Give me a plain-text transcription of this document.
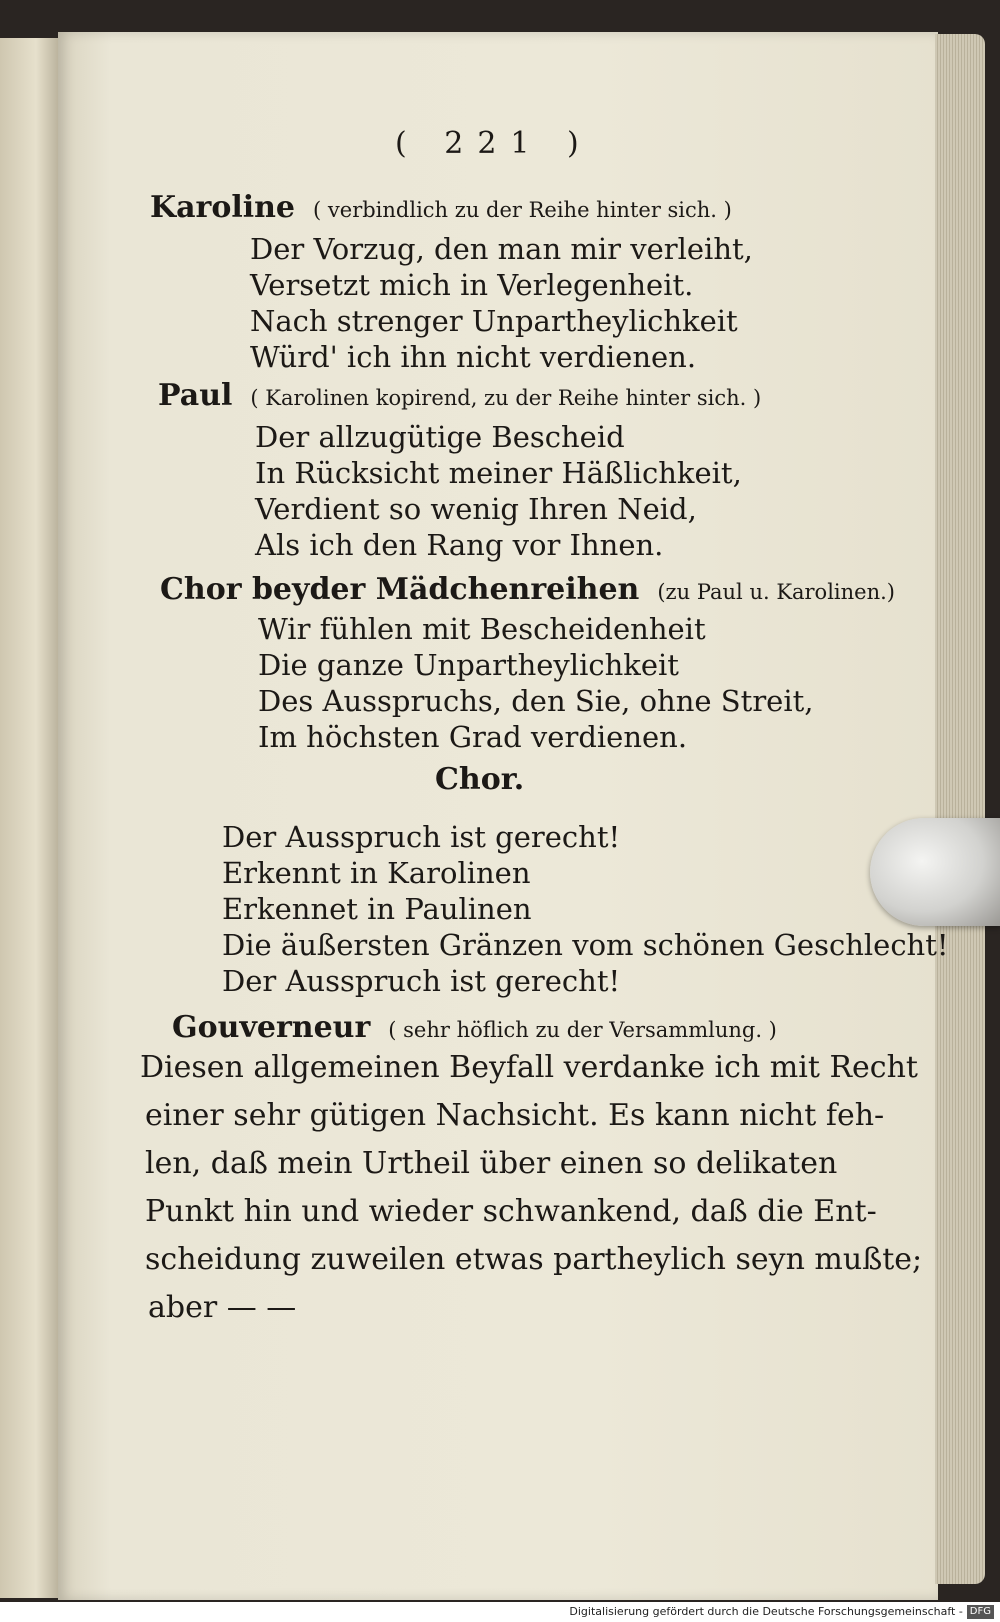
( 221 )
Karoline ( verbindlich zu der Reihe hinter sich. )
Der Vorzug, den man mir verleiht,
Versetzt mich in Verlegenheit.
Nach strenger Unpartheylichkeit
Würd' ich ihn nicht verdienen.
Paul ( Karolinen kopirend, zu der Reihe hinter sich. )
Der allzugütige Bescheid
In Rücksicht meiner Häßlichkeit,
Verdient so wenig Ihren Neid,
Als ich den Rang vor Ihnen.
Chor beyder Mädchenreihen (zu Paul u. Karolinen.)
Wir fühlen mit Bescheidenheit
Die ganze Unpartheylichkeit
Des Ausspruchs, den Sie, ohne Streit,
Im höchsten Grad verdienen.
Chor.
Der Ausspruch ist gerecht!
Erkennt in Karolinen
Erkennet in Paulinen
Die äußersten Gränzen vom schönen Geschlecht!
Der Ausspruch ist gerecht!
Gouverneur ( sehr höflich zu der Versammlung. )
Diesen allgemeinen Beyfall verdanke ich mit Recht
einer sehr gütigen Nachsicht. Es kann nicht feh-
len, daß mein Urtheil über einen so delikaten
Punkt hin und wieder schwankend, daß die Ent-
scheidung zuweilen etwas partheylich seyn mußte;
aber — —
Digitalisierung gefördert durch die Deutsche Forschungsgemeinschaft - DFG
